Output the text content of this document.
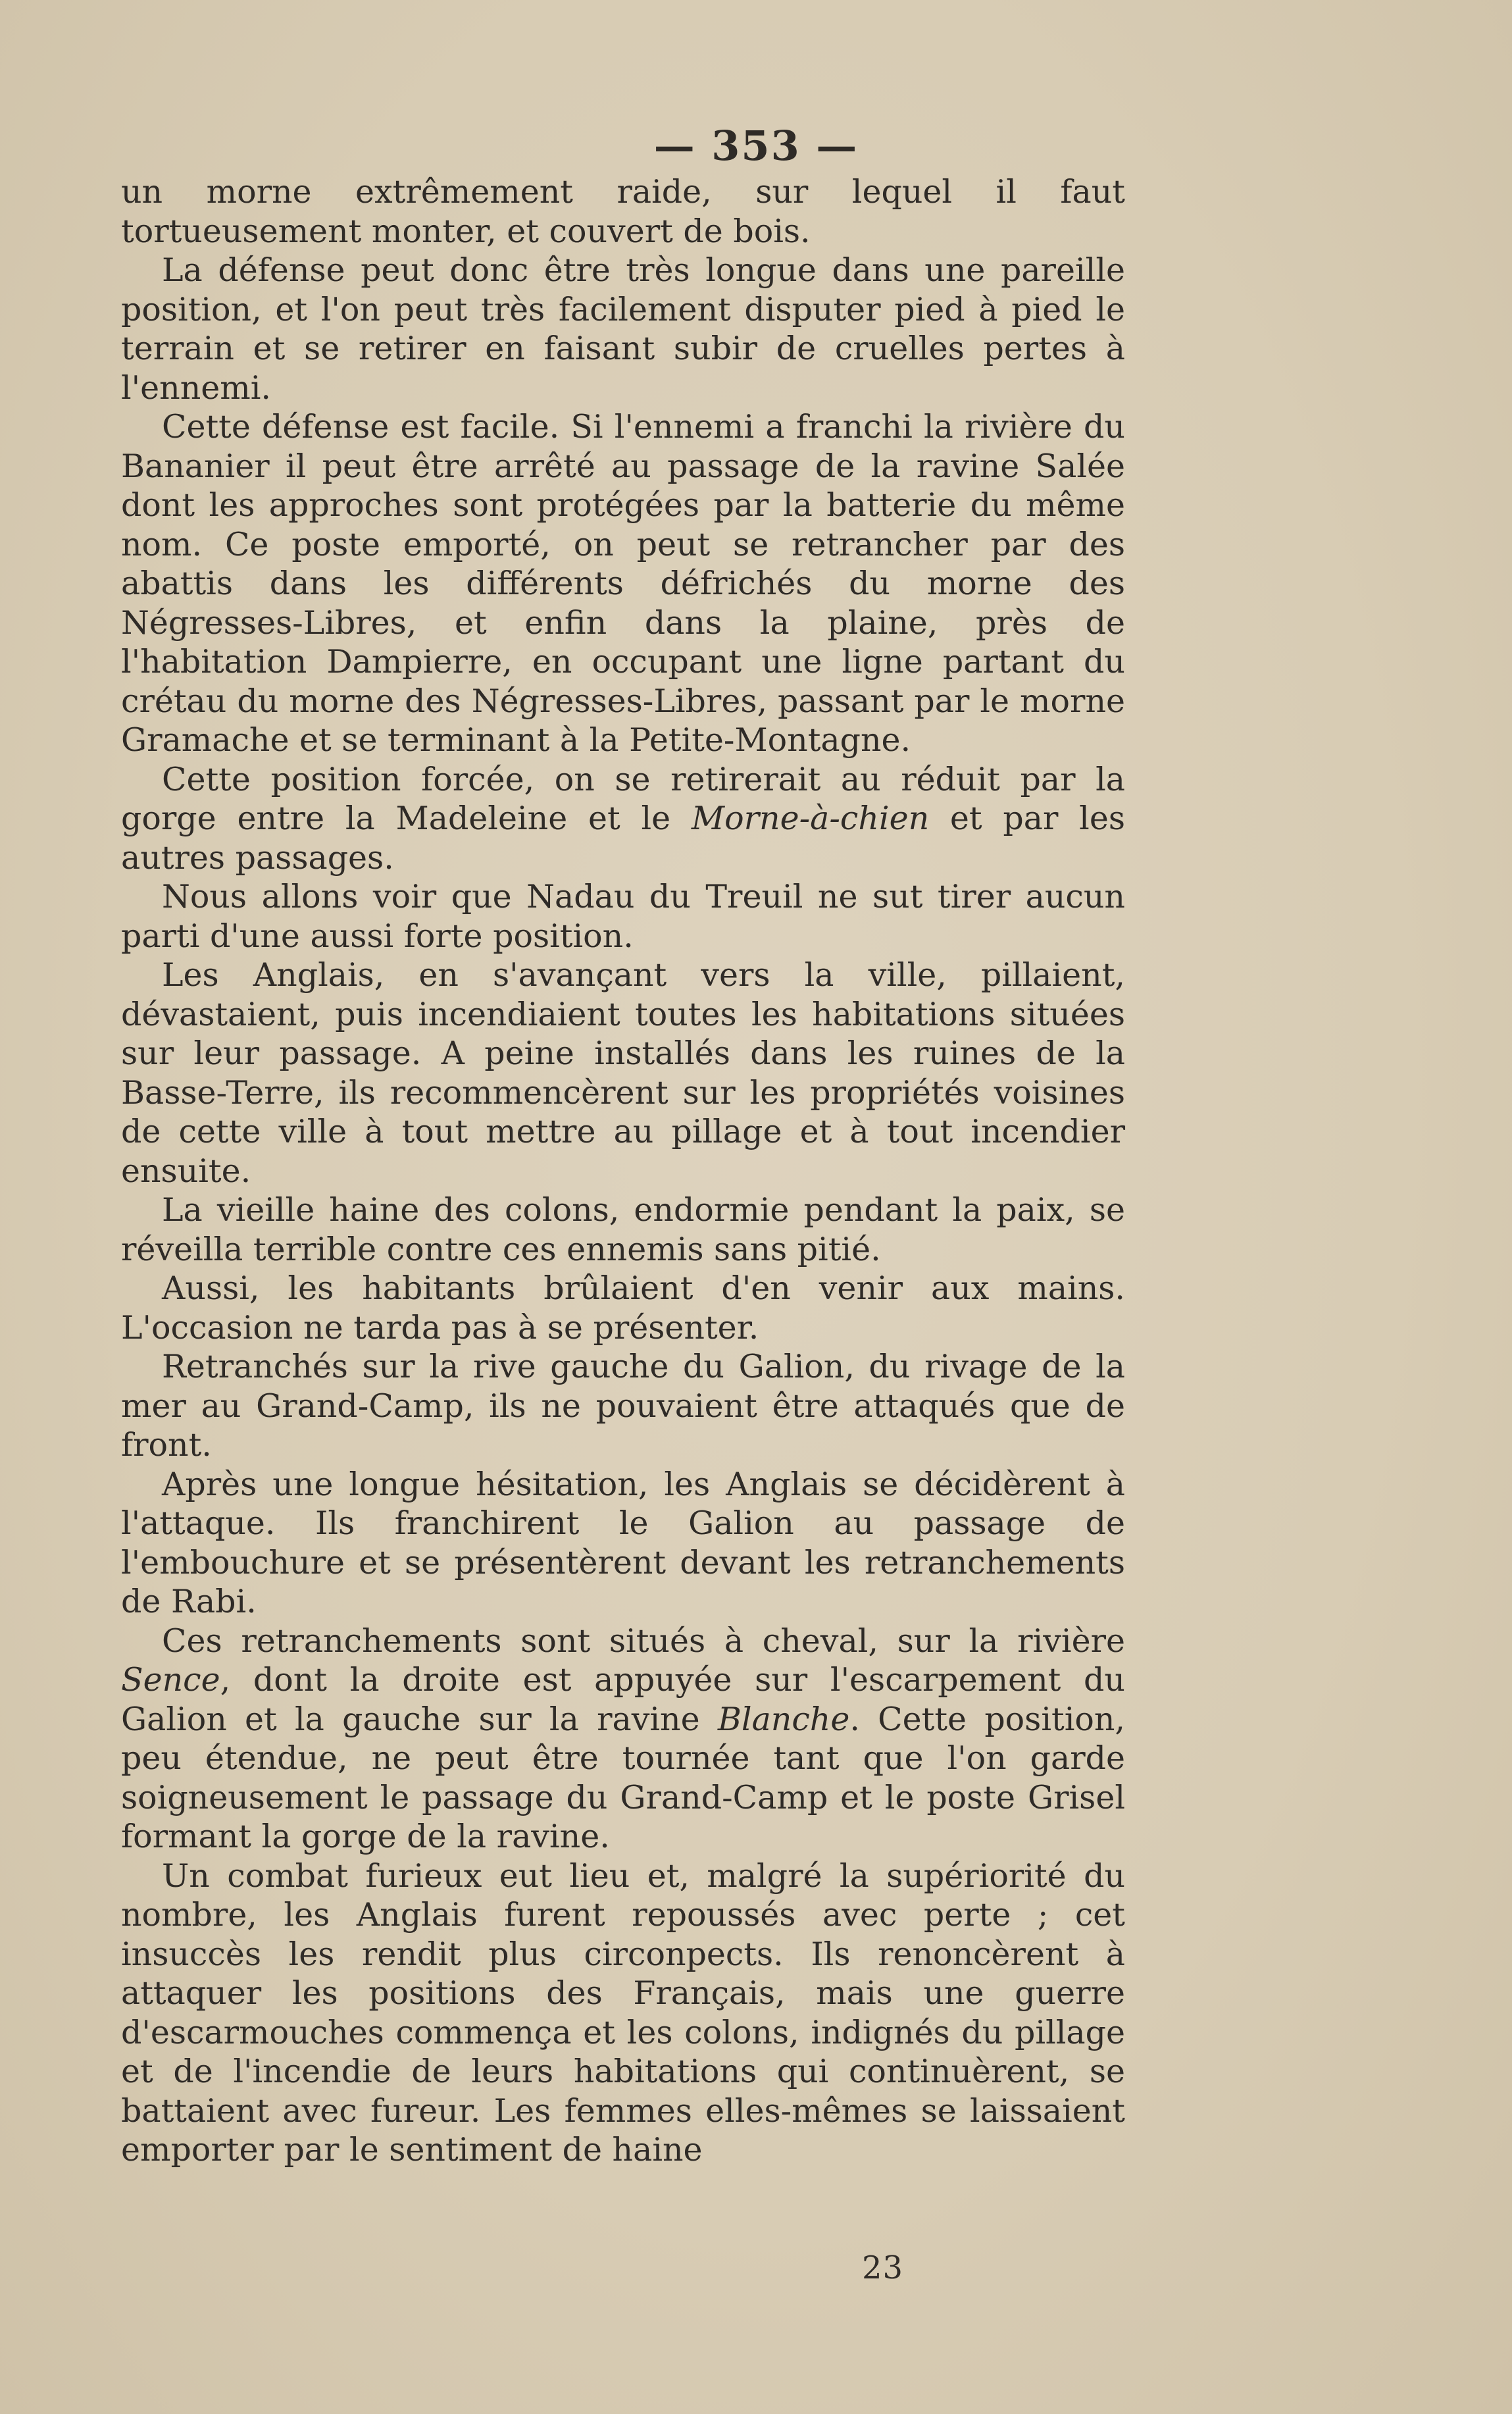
— 353 —

un morne extrêmement raide, sur lequel il faut tortueusement monter, et couvert de bois.

La défense peut donc être très longue dans une pareille position, et l'on peut très facilement disputer pied à pied le terrain et se retirer en faisant subir de cruelles pertes à l'ennemi.

Cette défense est facile. Si l'ennemi a franchi la rivière du Bananier il peut être arrêté au passage de la ravine Salée dont les approches sont protégées par la batterie du même nom. Ce poste emporté, on peut se retrancher par des abattis dans les différents défrichés du morne des Négresses-Libres, et enfin dans la plaine, près de l'habitation Dampierre, en occupant une ligne partant du crétau du morne des Négresses-Libres, passant par le morne Gramache et se terminant à la Petite-Montagne.

Cette position forcée, on se retirerait au réduit par la gorge entre la Madeleine et le Morne-à-chien et par les autres passages.

Nous allons voir que Nadau du Treuil ne sut tirer aucun parti d'une aussi forte position.

Les Anglais, en s'avançant vers la ville, pillaient, dévastaient, puis incendiaient toutes les habitations situées sur leur passage. A peine installés dans les ruines de la Basse-Terre, ils recommencèrent sur les propriétés voisines de cette ville à tout mettre au pillage et à tout incendier ensuite.

La vieille haine des colons, endormie pendant la paix, se réveilla terrible contre ces ennemis sans pitié.

Aussi, les habitants brûlaient d'en venir aux mains. L'occasion ne tarda pas à se présenter.

Retranchés sur la rive gauche du Galion, du rivage de la mer au Grand-Camp, ils ne pouvaient être attaqués que de front.

Après une longue hésitation, les Anglais se décidèrent à l'attaque. Ils franchirent le Galion au passage de l'embouchure et se présentèrent devant les retranchements de Rabi.

Ces retranchements sont situés à cheval, sur la rivière Sence, dont la droite est appuyée sur l'escarpement du Galion et la gauche sur la ravine Blanche. Cette position, peu étendue, ne peut être tournée tant que l'on garde soigneusement le passage du Grand-Camp et le poste Grisel formant la gorge de la ravine.

Un combat furieux eut lieu et, malgré la supériorité du nombre, les Anglais furent repoussés avec perte ; cet insuccès les rendit plus circonpects. Ils renoncèrent à attaquer les positions des Français, mais une guerre d'escarmouches commença et les colons, indignés du pillage et de l'incendie de leurs habitations qui continuèrent, se battaient avec fureur. Les femmes elles-mêmes se laissaient emporter par le sentiment de haine

23
